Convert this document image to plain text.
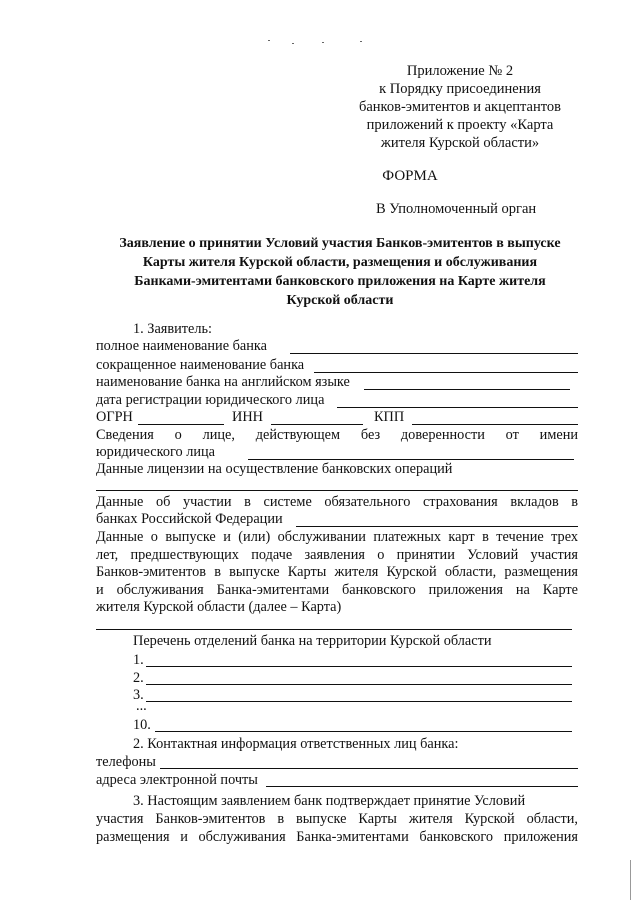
Приложение № 2
к Порядку присоединения
банков-эмитентов и акцептантов
приложений к проекту «Карта
жителя Курской области»
ФОРМА
В Уполномоченный орган
Заявление о принятии Условий участия Банков-эмитентов в выпуске
Карты жителя Курской области, размещения и обслуживания
Банками-эмитентами банковского приложения на Карте жителя
Курской области
1. Заявитель:
полное наименование банка
сокращенное наименование банка
наименование банка на английском языке
дата регистрации юридического лица
ОГРН	ИНН	КПП
Сведения о лице, действующем без доверенности от имени
юридического лица
Данные лицензии на осуществление банковских операций
Данные об участии в системе обязательного страхования вкладов в
банках Российской Федерации
Данные о выпуске и (или) обслуживании платежных карт в течение трех
лет, предшествующих подаче заявления о принятии Условий участия
Банков-эмитентов в выпуске Карты жителя Курской области, размещения
и обслуживания Банка-эмитентами банковского приложения на Карте
жителя Курской области (далее – Карта)
Перечень отделений банка на территории Курской области
1.
2.
3.
...
10.
2. Контактная информация ответственных лиц банка:
телефоны
адреса электронной почты
3. Настоящим заявлением банк подтверждает принятие Условий
участия Банков-эмитентов в выпуске Карты жителя Курской области,
размещения и обслуживания Банка-эмитентами банковского приложения
